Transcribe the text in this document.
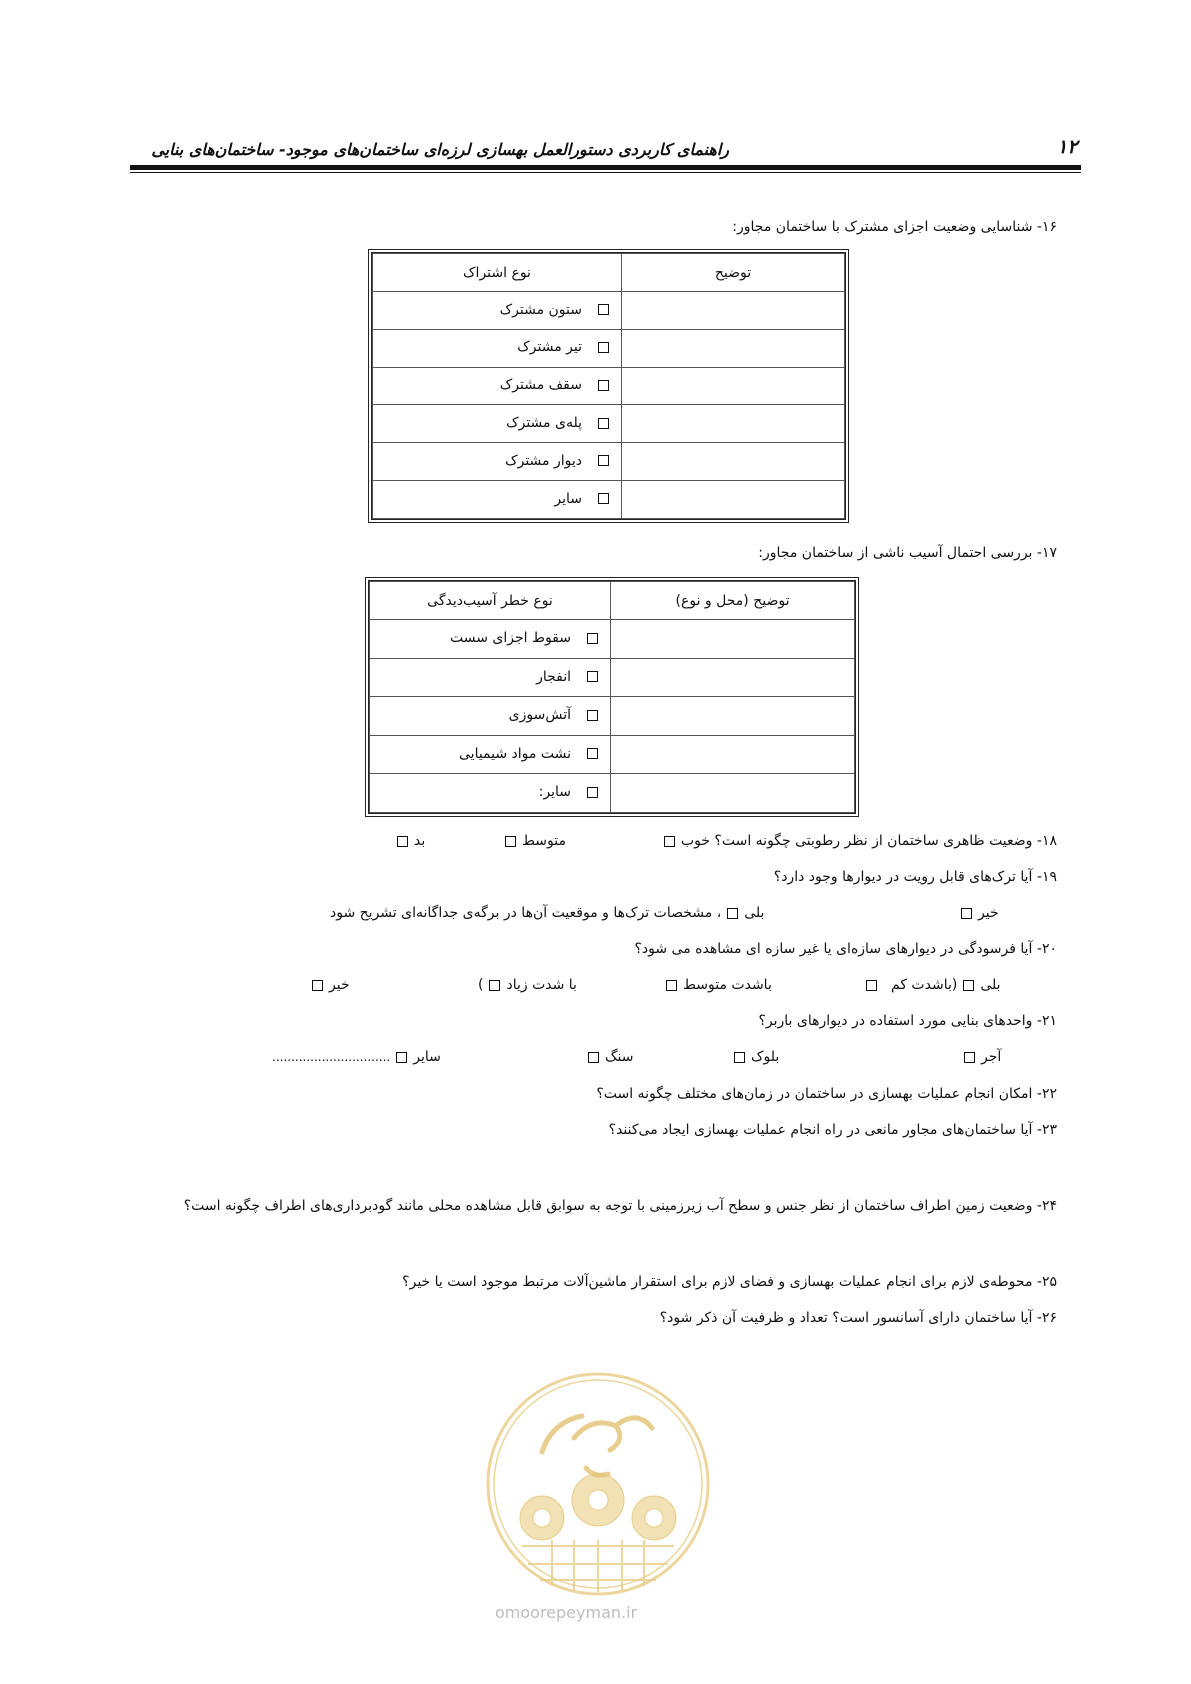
راهنمای کاربردی دستورالعمل بهسازی لرزه‌ای ساختمان‌های موجود- ساختمان‌های بنایی	۱۲
۱۶- شناسایی وضعیت اجزای مشترک با ساختمان مجاور:
نوع اشتراک	توضیح

ستون مشترک	

تیر مشترک	

سقف مشترک	

پله‌ی مشترک	

دیوار مشترک	

سایر	

۱۷- بررسی احتمال آسیب ناشی از ساختمان مجاور:
نوع خطر آسیب‌دیدگی	توضیح (محل و نوع)

سقوط اجزای سست	

انفجار	

آتش‌سوزی	

نشت مواد شیمیایی	

سایر:	

۱۸- وضعیت ظاهری ساختمان از نظر رطوبتی چگونه است؟ خوب
متوسط
بد
۱۹- آیا ترک‌های قابل رویت در دیوارها وجود دارد؟
خیر
بلی
، مشخصات ترک‌ها و موقعیت آن‌ها در برگه‌ی جداگانه‌ای تشریح شود
۲۰- آیا فرسودگی در دیوارهای سازه‌ای یا غیر سازه ای مشاهده می شود؟
بلی
(باشدت کم
باشدت متوسط
با شدت زیاد
)
خیر
۲۱- واحدهای بنایی مورد استفاده در دیوارهای باربر؟
آجر
بلوک
سنگ
سایر
...............................
۲۲- امکان انجام عملیات بهسازی در ساختمان در زمان‌های مختلف چگونه است؟
۲۳- آیا ساختمان‌های مجاور مانعی در راه انجام عملیات بهسازی ایجاد می‌کنند؟
۲۴- وضعیت زمین اطراف ساختمان از نظر جنس و سطح آب زیرزمینی با توجه به سوابق قابل مشاهده محلی مانند گودبرداری‌های اطراف چگونه است؟
۲۵- محوطه‌ی لازم برای انجام عملیات بهسازی و فضای لازم برای استقرار ماشین‌آلات مرتبط موجود است یا خیر؟
۲۶- آیا ساختمان دارای آسانسور است؟ تعداد و ظرفیت آن ذکر شود؟
omoorepeyman.ir
